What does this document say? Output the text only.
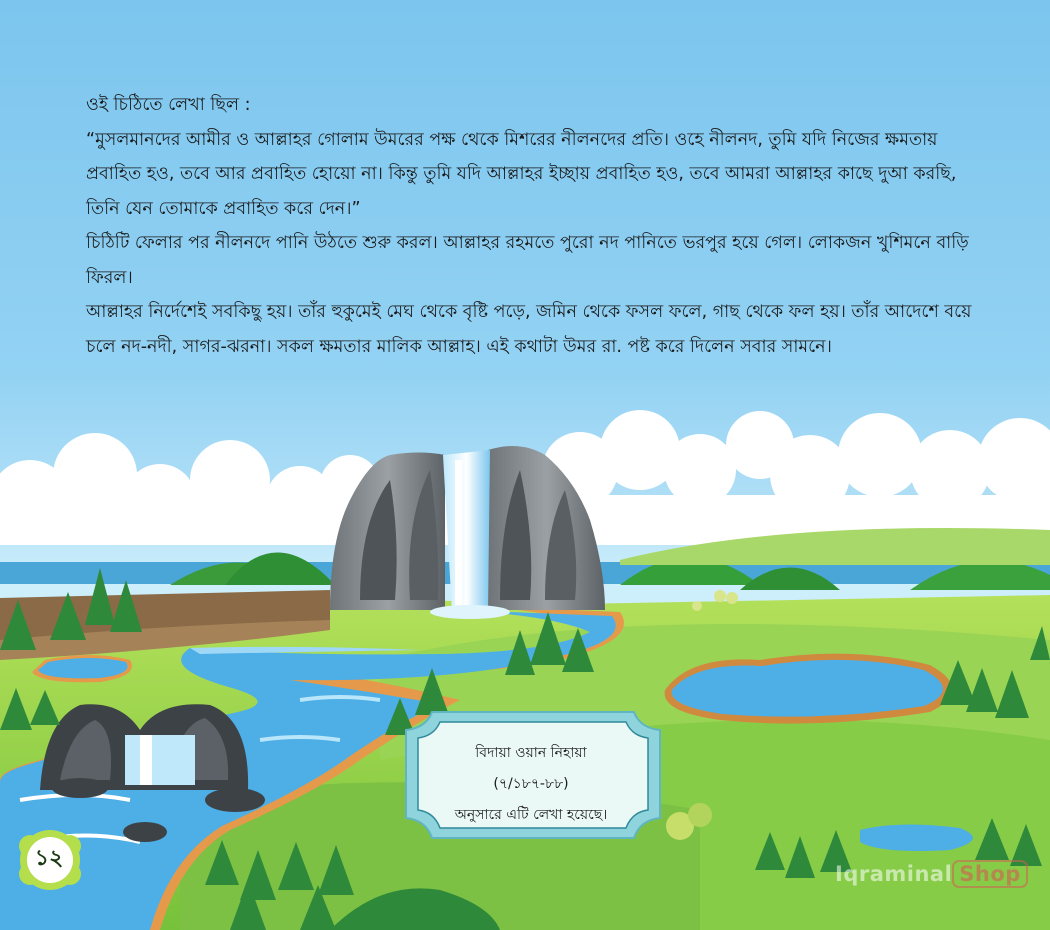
ওই চিঠিতে লেখা ছিল :

“মুসলমানদের আমীর ও আল্লাহর গোলাম উমরের পক্ষ থেকে মিশরের নীলনদের প্রতি। ওহে নীলনদ, তুমি যদি নিজের ক্ষমতায় প্রবাহিত হও, তবে আর প্রবাহিত হোয়ো না। কিন্তু তুমি যদি আল্লাহর ইচ্ছায় প্রবাহিত হও, তবে আমরা আল্লাহর কাছে দুআ করছি, তিনি যেন তোমাকে প্রবাহিত করে দেন।”

চিঠিটি ফেলার পর নীলনদে পানি উঠতে শুরু করল। আল্লাহর রহমতে পুরো নদ পানিতে ভরপুর হয়ে গেল। লোকজন খুশিমনে বাড়ি ফিরল।

আল্লাহর নির্দেশেই সবকিছু হয়। তাঁর হুকুমেই মেঘ থেকে বৃষ্টি পড়ে, জমিন থেকে ফসল ফলে, গাছ থেকে ফল হয়। তাঁর আদেশে বয়ে চলে নদ-নদী, সাগর-ঝরনা। সকল ক্ষমতার মালিক আল্লাহ। এই কথাটা উমর রা. পষ্ট করে দিলেন সবার সামনে।

বিদায়া ওয়ান নিহায়া
(৭/১৮৭-৮৮)
অনুসারে এটি লেখা হয়েছে।
১২
Iqraminal Shop
